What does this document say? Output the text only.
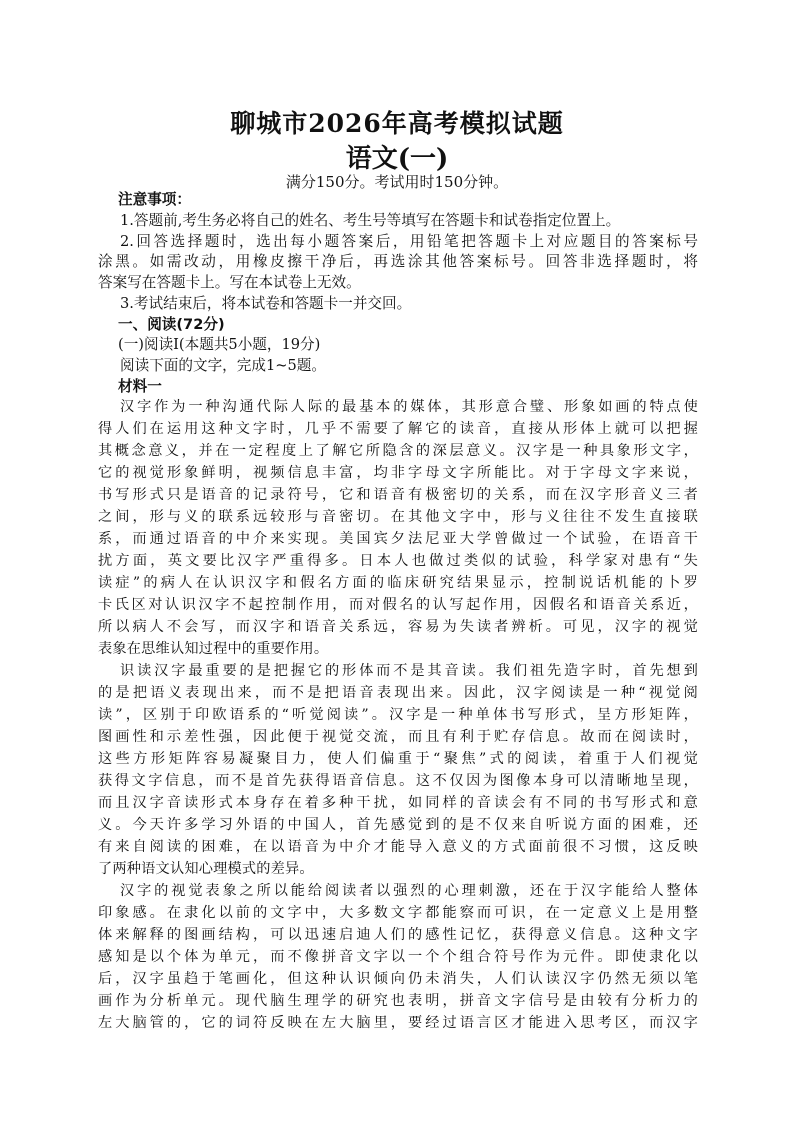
聊城市2026年高考模拟试题
语文(一)
满分150分。考试用时150分钟。
注意事项：
1.答题前,考生务必将自己的姓名、考生号等填写在答题卡和试卷指定位置上。
2.回答选择题时，选出每小题答案后，用铅笔把答题卡上对应题目的答案标号
涂黑。如需改动，用橡皮擦干净后，再选涂其他答案标号。回答非选择题时，将
答案写在答题卡上。写在本试卷上无效。
3.考试结束后，将本试卷和答题卡一并交回。
一、阅读(72分)
(一)阅读Ⅰ(本题共5小题，19分)
阅读下面的文字，完成1~5题。
材料一
汉字作为一种沟通代际人际的最基本的媒体，其形意合璧、形象如画的特点使
得人们在运用这种文字时，几乎不需要了解它的读音，直接从形体上就可以把握
其概念意义，并在一定程度上了解它所隐含的深层意义。汉字是一种具象形文字，
它的视觉形象鲜明，视频信息丰富，均非字母文字所能比。对于字母文字来说，
书写形式只是语音的记录符号，它和语音有极密切的关系，而在汉字形音义三者
之间，形与义的联系远较形与音密切。在其他文字中，形与义往往不发生直接联
系，而通过语音的中介来实现。美国宾夕法尼亚大学曾做过一个试验，在语音干
扰方面，英文要比汉字严重得多。日本人也做过类似的试验，科学家对患有“失
读症”的病人在认识汉字和假名方面的临床研究结果显示，控制说话机能的卜罗
卡氏区对认识汉字不起控制作用，而对假名的认写起作用，因假名和语音关系近，
所以病人不会写，而汉字和语音关系远，容易为失读者辨析。可见，汉字的视觉
表象在思维认知过程中的重要作用。
识读汉字最重要的是把握它的形体而不是其音读。我们祖先造字时，首先想到
的是把语义表现出来，而不是把语音表现出来。因此，汉字阅读是一种“视觉阅
读”，区别于印欧语系的“听觉阅读”。汉字是一种单体书写形式，呈方形矩阵，
图画性和示差性强，因此便于视觉交流，而且有利于贮存信息。故而在阅读时，
这些方形矩阵容易凝聚目力，使人们偏重于“聚焦”式的阅读，着重于人们视觉
获得文字信息，而不是首先获得语音信息。这不仅因为图像本身可以清晰地呈现，
而且汉字音读形式本身存在着多种干扰，如同样的音读会有不同的书写形式和意
义。今天许多学习外语的中国人，首先感觉到的是不仅来自听说方面的困难，还
有来自阅读的困难，在以语音为中介才能导入意义的方式面前很不习惯，这反映
了两种语文认知心理模式的差异。
汉字的视觉表象之所以能给阅读者以强烈的心理刺激，还在于汉字能给人整体
印象感。在隶化以前的文字中，大多数文字都能察而可识，在一定意义上是用整
体来解释的图画结构，可以迅速启迪人们的感性记忆，获得意义信息。这种文字
感知是以个体为单元，而不像拼音文字以一个个组合符号作为元件。即使隶化以
后，汉字虽趋于笔画化，但这种认识倾向仍未消失，人们认读汉字仍然无须以笔
画作为分析单元。现代脑生理学的研究也表明，拼音文字信号是由较有分析力的
左大脑管的，它的词符反映在左大脑里，要经过语言区才能进入思考区，而汉字
